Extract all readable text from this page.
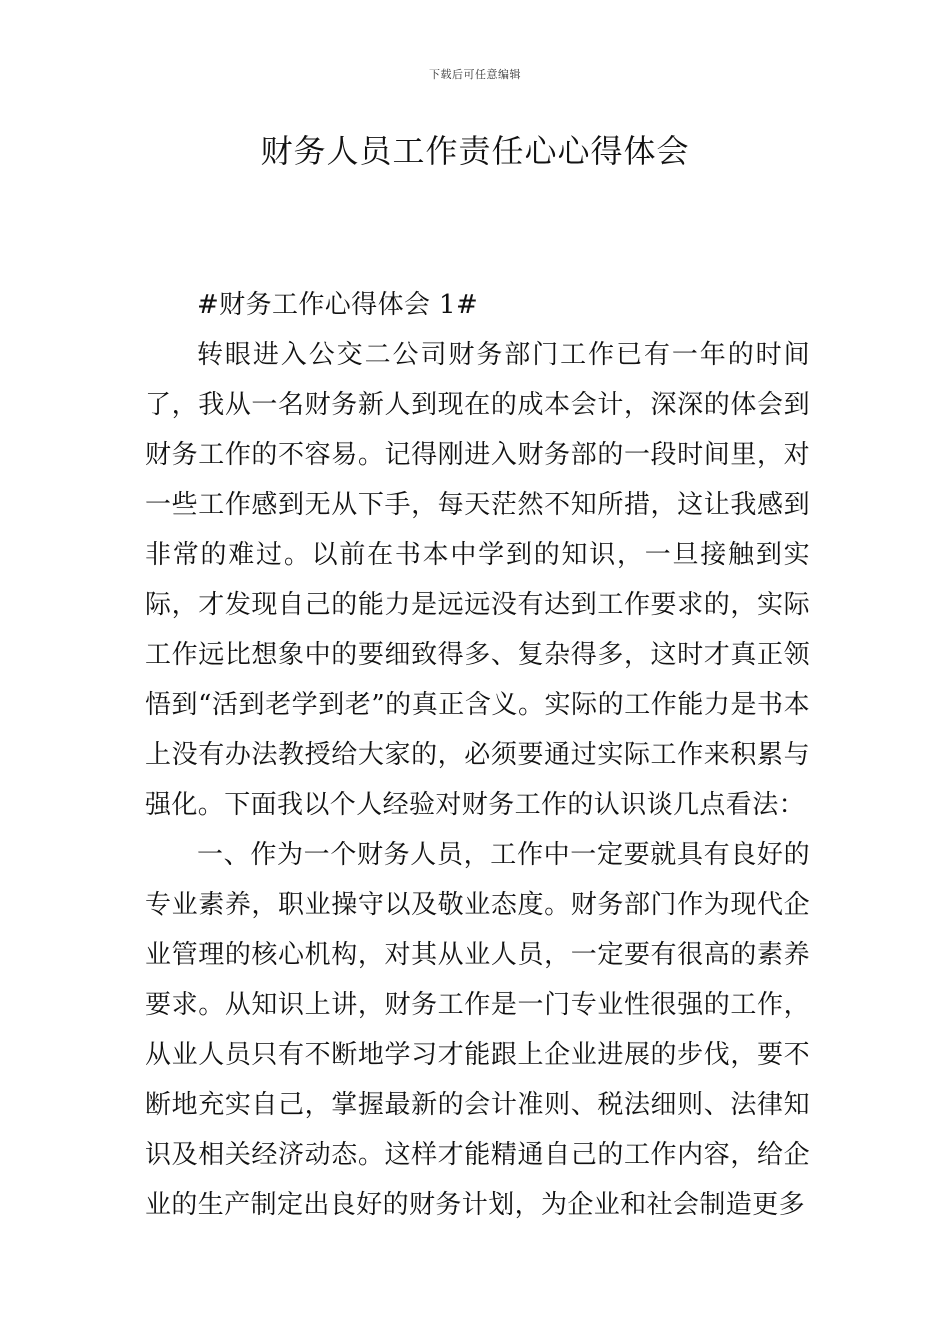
下载后可任意编辑
财务人员工作责任心心得体会

#财务工作心得体会 1#

转眼进入公交二公司财务部门工作已有一年的时间了，我从一名财务新人到现在的成本会计，深深的体会到财务工作的不容易。记得刚进入财务部的一段时间里，对一些工作感到无从下手，每天茫然不知所措，这让我感到非常的难过。以前在书本中学到的知识，一旦接触到实际，才发现自己的能力是远远没有达到工作要求的，实际工作远比想象中的要细致得多、复杂得多，这时才真正领悟到“活到老学到老”的真正含义。实际的工作能力是书本上没有办法教授给大家的，必须要通过实际工作来积累与强化。下面我以个人经验对财务工作的认识谈几点看法：

一、作为一个财务人员，工作中一定要就具有良好的专业素养，职业操守以及敬业态度。财务部门作为现代企业管理的核心机构，对其从业人员，一定要有很高的素养要求。从知识上讲，财务工作是一门专业性很强的工作，从业人员只有不断地学习才能跟上企业进展的步伐，要不断地充实自己，掌握最新的会计准则、税法细则、法律知识及相关经济动态。这样才能精通自己的工作内容，给企业的生产制定出良好的财务计划，为企业和社会制造更多
